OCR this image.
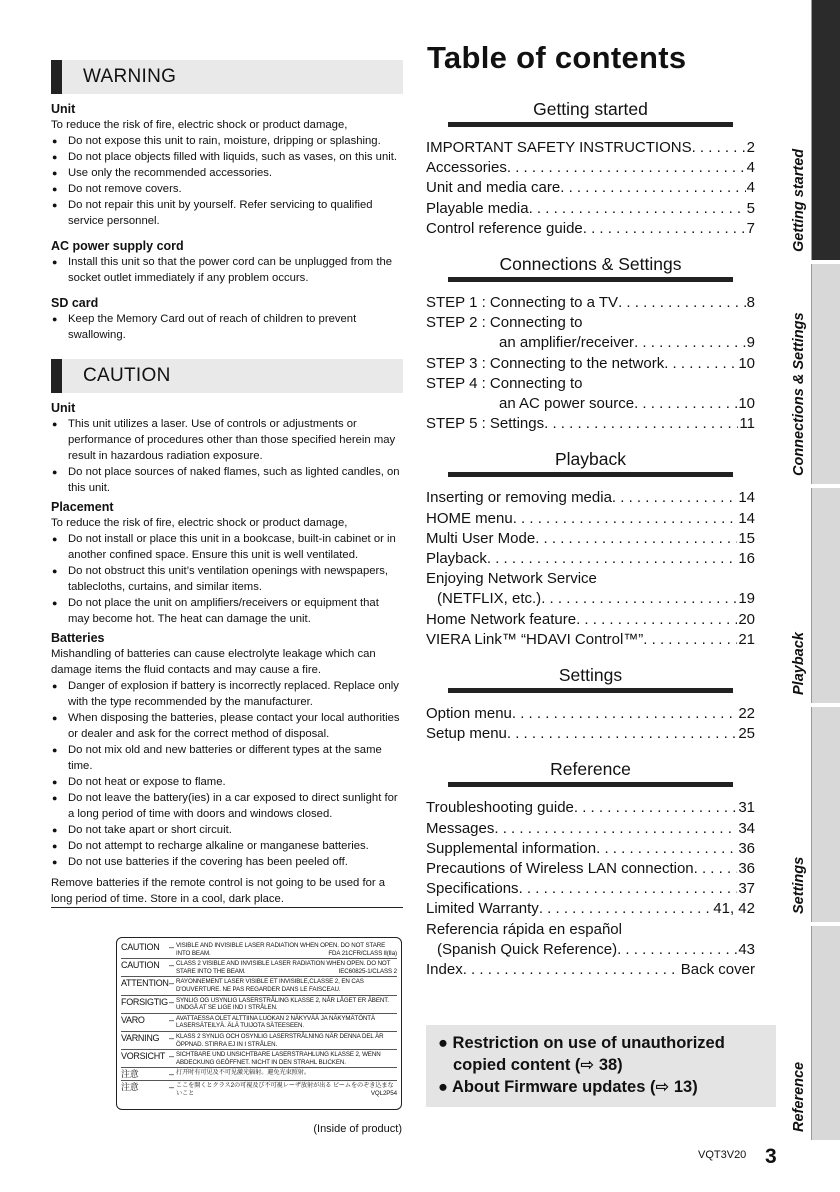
WARNING
Unit
To reduce the risk of fire, electric shock or product damage,
● Do not expose this unit to rain, moisture, dripping or splashing.
● Do not place objects filled with liquids, such as vases, on this unit.
● Use only the recommended accessories.
● Do not remove covers.
● Do not repair this unit by yourself. Refer servicing to qualified service personnel.
AC power supply cord
● Install this unit so that the power cord can be unplugged from the socket outlet immediately if any problem occurs.
SD card
● Keep the Memory Card out of reach of children to prevent swallowing.
CAUTION
Unit
● This unit utilizes a laser. Use of controls or adjustments or performance of procedures other than those specified herein may result in hazardous radiation exposure.
● Do not place sources of naked flames, such as lighted candles, on this unit.
Placement
To reduce the risk of fire, electric shock or product damage,
● Do not install or place this unit in a bookcase, built-in cabinet or in another confined space. Ensure this unit is well ventilated.
● Do not obstruct this unit’s ventilation openings with newspapers, tablecloths, curtains, and similar items.
● Do not place the unit on amplifiers/receivers or equipment that may become hot. The heat can damage the unit.
Batteries
Mishandling of batteries can cause electrolyte leakage which can damage items the fluid contacts and may cause a fire.
● Danger of explosion if battery is incorrectly replaced. Replace only with the type recommended by the manufacturer.
● When disposing the batteries, please contact your local authorities or dealer and ask for the correct method of disposal.
● Do not mix old and new batteries or different types at the same time.
● Do not heat or expose to flame.
● Do not leave the battery(ies) in a car exposed to direct sunlight for a long period of time with doors and windows closed.
● Do not take apart or short circuit.
● Do not attempt to recharge alkaline or manganese batteries.
● Do not use batteries if the covering has been peeled off.
Remove batteries if the remote control is not going to be used for a long period of time. Store in a cool, dark place.
CAUTION	– VISIBLE AND INVISIBLE LASER RADIATION WHEN OPEN. DO NOT STARE INTO BEAM.	FDA 21CFR/CLASS Ⅱ(Ⅱa)
CAUTION	– CLASS 2 VISIBLE AND INVISIBLE LASER RADIATION WHEN OPEN. DO NOT STARE INTO THE BEAM.	IEC60825-1/CLASS 2
ATTENTION – RAYONNEMENT LASER VISIBLE ET INVISIBLE,CLASSE 2, EN CAS D'OUVERTURE. NE PAS REGARDER DANS LE FAISCEAU.
FORSIGTIG – SYNLIG OG USYNLIG LASERSTRÅLING KLASSE 2, NÅR LÅGET ER ÅBENT. UNDGÅ AT SE LIGE IND I STRÅLEN.
VARO	– AVATTAESSA OLET ALTTIINA LUOKAN 2 NÄKYVÄÄ JA NÄKYMÄTÖNTÄ LASERSÄTEILYÄ. ÄLÄ TUIJOTA SÄTEESEEN.
VARNING	– KLASS 2 SYNLIG OCH OSYNLIG LASERSTRÅLNING NÄR DENNA DEL ÄR ÖPPNAD. STIRRA EJ IN I STRÅLEN.
VORSICHT – SICHTBARE UND UNSICHTBARE LASERSTRAHLUNG KLASSE 2, WENN ABDECKUNG GEÖFFNET. NICHT IN DEN STRAHL BLICKEN.
注意	– 打开时有可见及不可见激光辐射。避免光束照射。
注意	– ここを開くとクラス2の可視及び不可視レーザ放射が出る ビームをのぞき込まないこと	VQL2P54
(Inside of product)
Table of contents
Getting started
IMPORTANT SAFETY INSTRUCTIONS . . .	2
Accessories . . .	4
Unit and media care . . .	4
Playable media . . .	5
Control reference guide . . .	7
Connections & Settings
STEP 1 : Connecting to a TV . . .	8
STEP 2 : Connecting to
an amplifier/receiver . . .	9
STEP 3 : Connecting to the network . . .	10
STEP 4 : Connecting to
an AC power source . . .	10
STEP 5 : Settings . . .	11
Playback
Inserting or removing media . . .	14
HOME menu . . .	14
Multi User Mode . . .	15
Playback . . .	16
Enjoying Network Service
(NETFLIX, etc.) . . .	19
Home Network feature . . .	20
VIERA Link™ “HDAVI Control™” . . .	21
Settings
Option menu . . .	22
Setup menu . . .	25
Reference
Troubleshooting guide . . .	31
Messages . . .	34
Supplemental information . . .	36
Precautions of Wireless LAN connection . . .	36
Specifications . . .	37
Limited Warranty . . .	41, 42
Referencia rápida en español
(Spanish Quick Reference) . . .	43
Index . . .	Back cover
● Restriction on use of unauthorized
copied content (⇨ 38)
● About Firmware updates (⇨ 13)
Getting started
Connections & Settings
Playback
Settings
Reference
VQT3V20 3
